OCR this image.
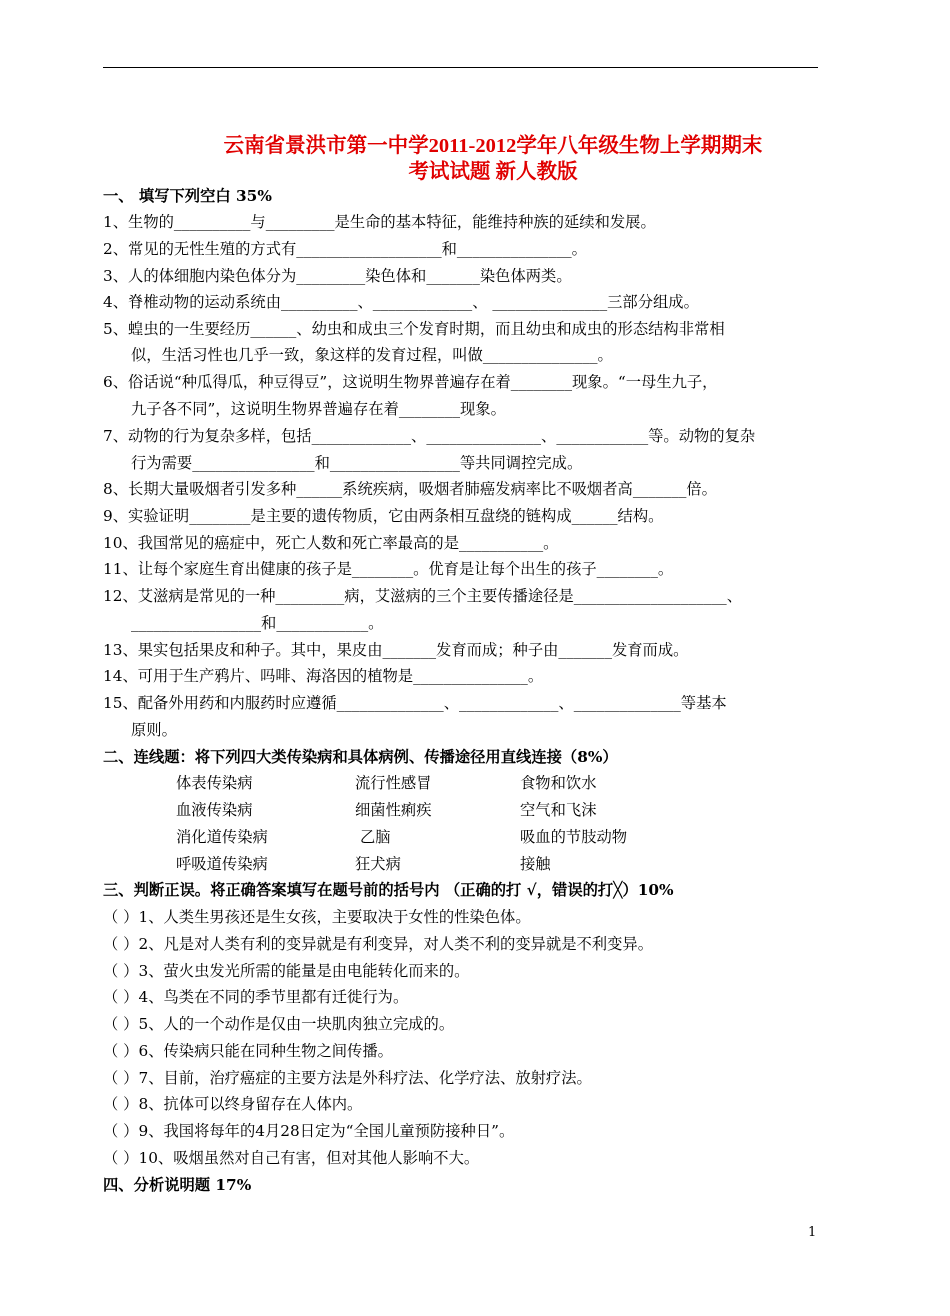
云南省景洪市第一中学2011-2012学年八年级生物上学期期末
考试试题 新人教版
一、 填写下列空白 35%
1、生物的__________与_________是生命的基本特征，能维持种族的延续和发展。
2、常见的无性生殖的方式有___________________和_______________。
3、人的体细胞内染色体分为_________染色体和_______染色体两类。
4、脊椎动物的运动系统由__________、_____________、 _______________三部分组成。
5、蝗虫的一生要经历______、幼虫和成虫三个发育时期，而且幼虫和成虫的形态结构非常相
似，生活习性也几乎一致，象这样的发育过程，叫做_______________。
6、俗话说“种瓜得瓜，种豆得豆”，这说明生物界普遍存在着________现象。“一母生九子，
九子各不同”，这说明生物界普遍存在着________现象。
7、动物的行为复杂多样，包括_____________、_______________、____________等。动物的复杂
行为需要________________和_________________等共同调控完成。
8、长期大量吸烟者引发多种______系统疾病，吸烟者肺癌发病率比不吸烟者高_______倍。
9、实验证明________是主要的遗传物质，它由两条相互盘绕的链构成______结构。
10、我国常见的癌症中，死亡人数和死亡率最高的是___________。
11、让每个家庭生育出健康的孩子是________。优育是让每个出生的孩子________。
12、艾滋病是常见的一种_________病，艾滋病的三个主要传播途径是____________________、
_________________和____________。
13、果实包括果皮和种子。其中，果皮由_______发育而成；种子由_______发育而成。
14、可用于生产鸦片、吗啡、海洛因的植物是_______________。
15、配备外用药和内服药时应遵循______________、_____________、______________等基本
原则。
二、连线题：将下列四大类传染病和具体病例、传播途径用直线连接（8%）
体表传染病	流行性感冒	食物和饮水
血液传染病	细菌性痢疾	空气和飞沫
消化道传染病	乙脑	吸血的节肢动物
呼吸道传染病	狂犬病	接触
三、判断正误。将正确答案填写在题号前的括号内 （正确的打 √，错误的打╳）10%
（ ）1、人类生男孩还是生女孩，主要取决于女性的性染色体。
（ ）2、凡是对人类有利的变异就是有利变异，对人类不利的变异就是不利变异。
（ ）3、萤火虫发光所需的能量是由电能转化而来的。
（ ）4、鸟类在不同的季节里都有迁徙行为。
（ ）5、人的一个动作是仅由一块肌肉独立完成的。
（ ）6、传染病只能在同种生物之间传播。
（ ）7、目前，治疗癌症的主要方法是外科疗法、化学疗法、放射疗法。
（ ）8、抗体可以终身留存在人体内。
（ ）9、我国将每年的4月28日定为“全国儿童预防接种日”。
（ ）10、吸烟虽然对自己有害，但对其他人影响不大。
四、分析说明题 17%
1
